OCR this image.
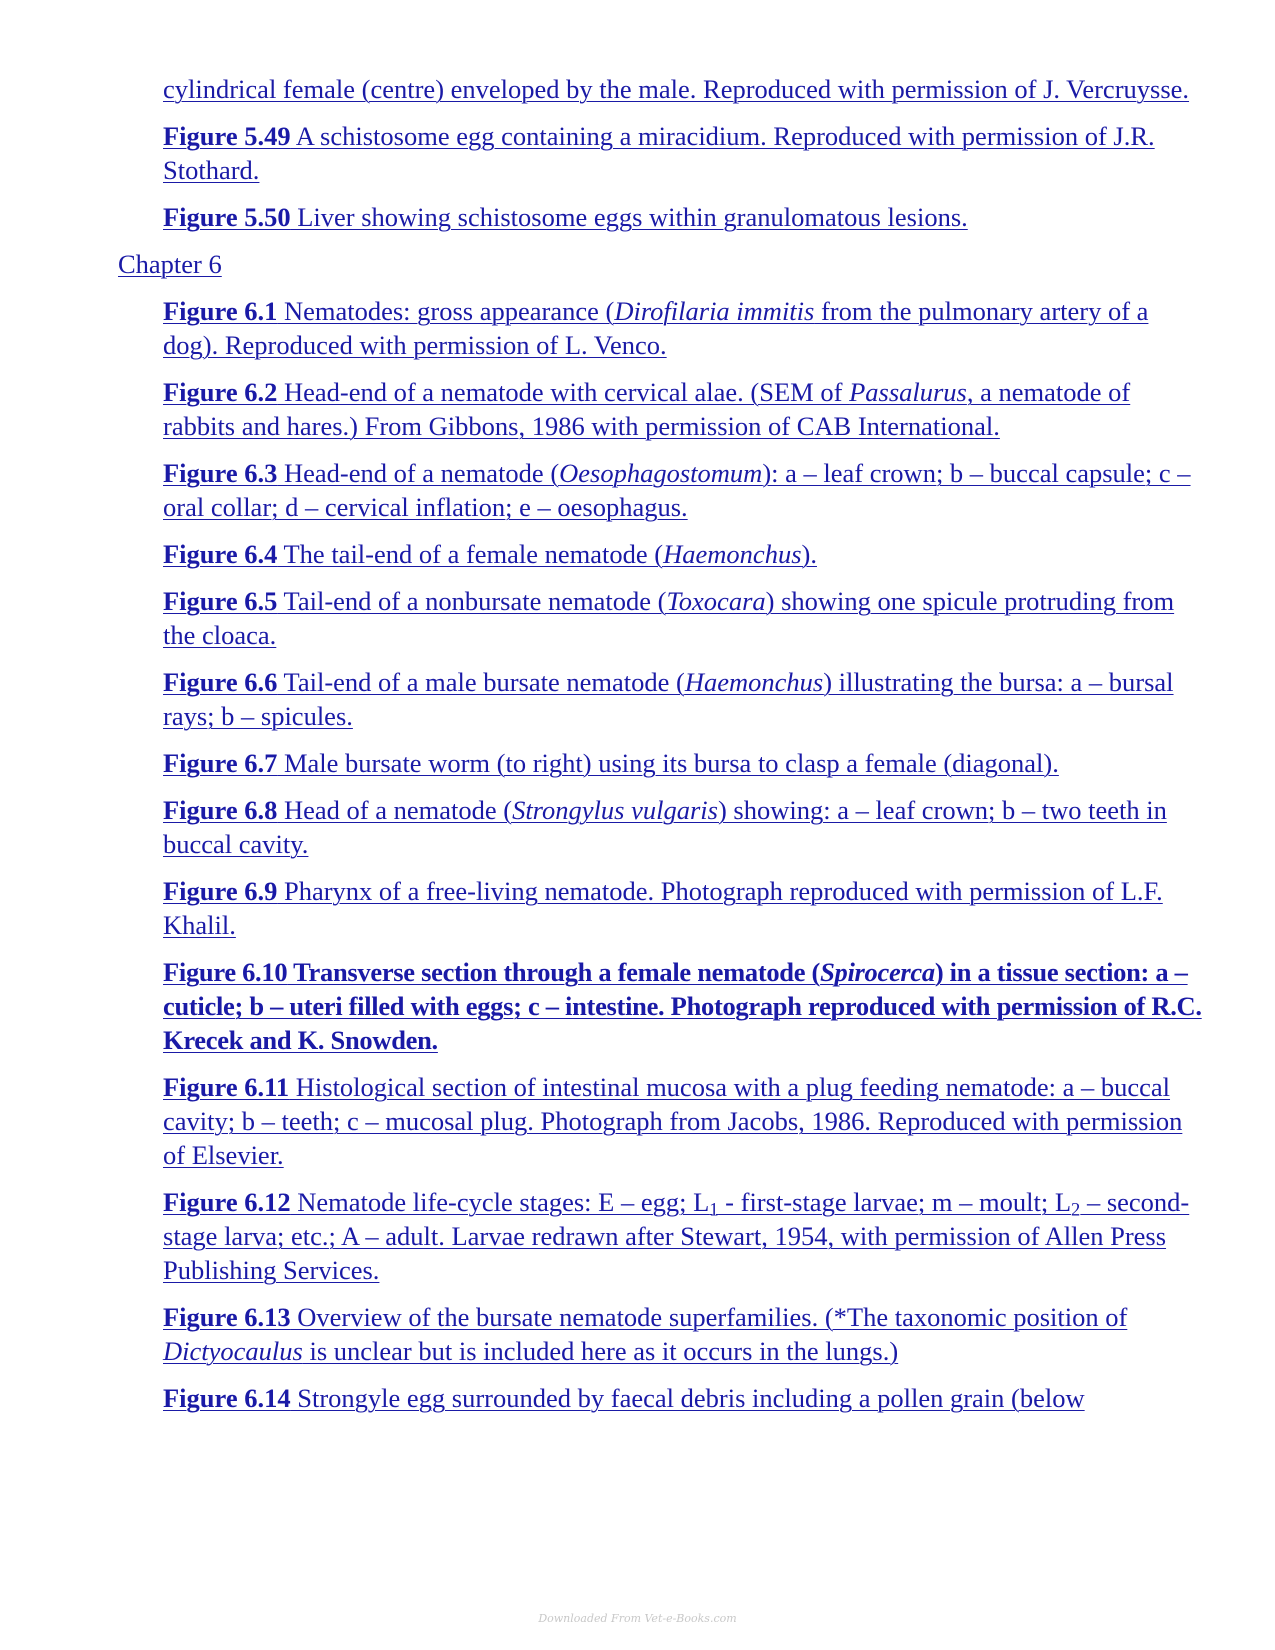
cylindrical female (centre) enveloped by the male. Reproduced with permission of J. Vercruysse.
Figure 5.49 A schistosome egg containing a miracidium. Reproduced with permission of J.R. Stothard.
Figure 5.50 Liver showing schistosome eggs within granulomatous lesions.
Chapter 6
Figure 6.1 Nematodes: gross appearance (Dirofilaria immitis from the pulmonary artery of a dog). Reproduced with permission of L. Venco.
Figure 6.2 Head-end of a nematode with cervical alae. (SEM of Passalurus, a nematode of rabbits and hares.) From Gibbons, 1986 with permission of CAB International.
Figure 6.3 Head-end of a nematode (Oesophagostomum): a – leaf crown; b – buccal capsule; c – oral collar; d – cervical inflation; e – oesophagus.
Figure 6.4 The tail-end of a female nematode (Haemonchus).
Figure 6.5 Tail-end of a nonbursate nematode (Toxocara) showing one spicule protruding from the cloaca.
Figure 6.6 Tail-end of a male bursate nematode (Haemonchus) illustrating the bursa: a – bursal rays; b – spicules.
Figure 6.7 Male bursate worm (to right) using its bursa to clasp a female (diagonal).
Figure 6.8 Head of a nematode (Strongylus vulgaris) showing: a – leaf crown; b – two teeth in buccal cavity.
Figure 6.9 Pharynx of a free-living nematode. Photograph reproduced with permission of L.F. Khalil.
Figure 6.10 Transverse section through a female nematode (Spirocerca) in a tissue section: a – cuticle; b – uteri filled with eggs; c – intestine. Photograph reproduced with permission of R.C. Krecek and K. Snowden.
Figure 6.11 Histological section of intestinal mucosa with a plug feeding nematode: a – buccal cavity; b – teeth; c – mucosal plug. Photograph from Jacobs, 1986. Reproduced with permission of Elsevier.
Figure 6.12 Nematode life-cycle stages: E – egg; $L_1$ - first-stage larvae; m – moult; $L_2$ – second-stage larva; etc.; A – adult. Larvae redrawn after Stewart, 1954, with permission of Allen Press Publishing Services.
Figure 6.13 Overview of the bursate nematode superfamilies. (*The taxonomic position of Dictyocaulus is unclear but is included here as it occurs in the lungs.)
Figure 6.14 Strongyle egg surrounded by faecal debris including a pollen grain (below
Downloaded From Vet-e-Books.com
